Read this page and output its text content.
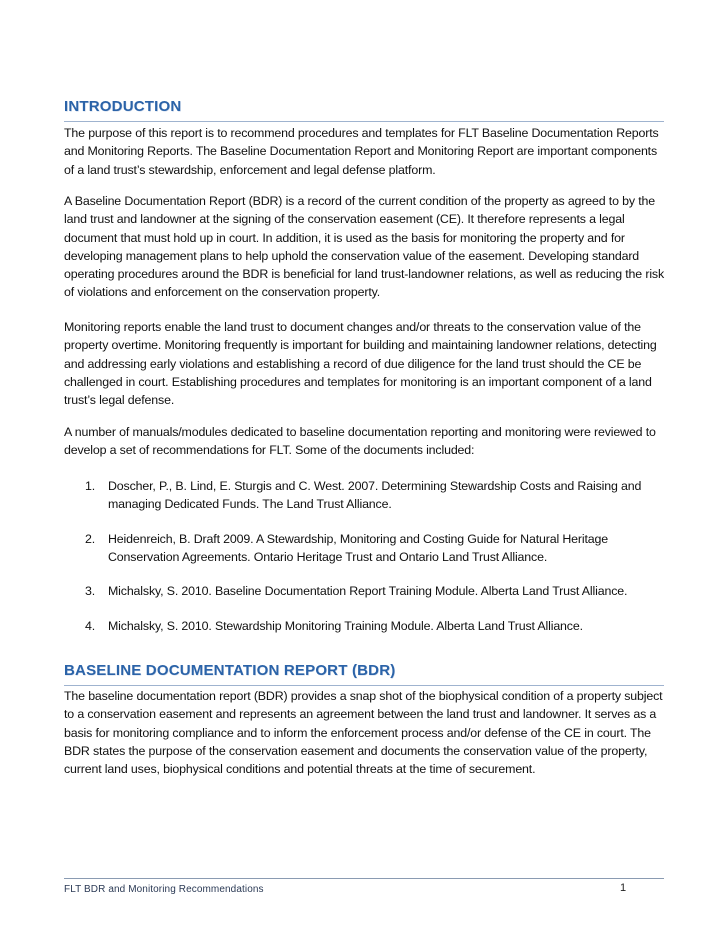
INTRODUCTION

The purpose of this report is to recommend procedures and templates for FLT Baseline Documentation Reports and Monitoring Reports. The Baseline Documentation Report and Monitoring Report are important components of a land trust’s stewardship, enforcement and legal defense platform.

A Baseline Documentation Report (BDR) is a record of the current condition of the property as agreed to by the land trust and landowner at the signing of the conservation easement (CE). It therefore represents a legal document that must hold up in court. In addition, it is used as the basis for monitoring the property and for developing management plans to help uphold the conservation value of the easement. Developing standard operating procedures around the BDR is beneficial for land trust-landowner relations, as well as reducing the risk of violations and enforcement on the conservation property.

Monitoring reports enable the land trust to document changes and/or threats to the conservation value of the property overtime. Monitoring frequently is important for building and maintaining landowner relations, detecting and addressing early violations and establishing a record of due diligence for the land trust should the CE be challenged in court. Establishing procedures and templates for monitoring is an important component of a land trust’s legal defense.

A number of manuals/modules dedicated to baseline documentation reporting and monitoring were reviewed to develop a set of recommendations for FLT. Some of the documents included:

1. Doscher, P., B. Lind, E. Sturgis and C. West. 2007. Determining Stewardship Costs and Raising and managing Dedicated Funds. The Land Trust Alliance.
2. Heidenreich, B. Draft 2009. A Stewardship, Monitoring and Costing Guide for Natural Heritage Conservation Agreements. Ontario Heritage Trust and Ontario Land Trust Alliance.
3. Michalsky, S. 2010. Baseline Documentation Report Training Module. Alberta Land Trust Alliance.
4. Michalsky, S. 2010. Stewardship Monitoring Training Module. Alberta Land Trust Alliance.
BASELINE DOCUMENTATION REPORT (BDR)

The baseline documentation report (BDR) provides a snap shot of the biophysical condition of a property subject to a conservation easement and represents an agreement between the land trust and landowner. It serves as a basis for monitoring compliance and to inform the enforcement process and/or defense of the CE in court. The BDR states the purpose of the conservation easement and documents the conservation value of the property, current land uses, biophysical conditions and potential threats at the time of securement.

FLT BDR and Monitoring Recommendations	1
